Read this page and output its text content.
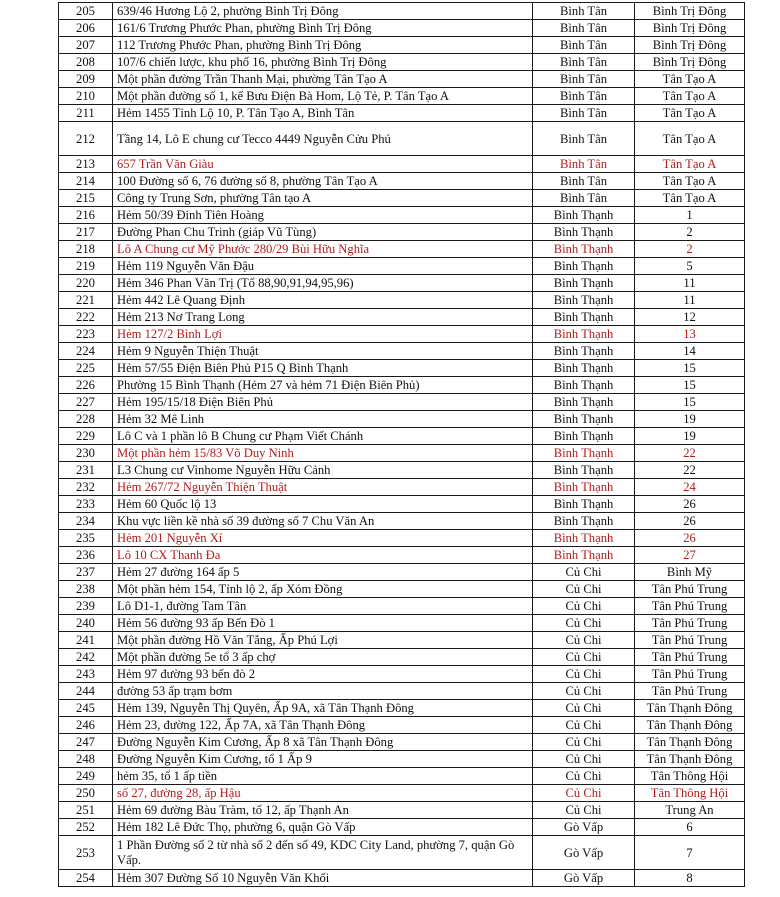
205	639/46 Hương Lộ 2, phường Bình Trị Đông	Bình Tân	Bình Trị Đông
206	161/6 Trương Phước Phan, phường Bình Trị Đông	Bình Tân	Bình Trị Đông
207	112 Trương Phước Phan, phường Bình Trị Đông	Bình Tân	Bình Trị Đông
208	107/6 chiến lược, khu phố 16, phường Bình Trị Đông	Bình Tân	Bình Trị Đông
209	Một phần đường Trần Thanh Mại, phường Tân Tạo A	Bình Tân	Tân Tạo A
210	Một phần đường số 1, kế Bưu Điện Bà Hom, Lộ Tẻ, P. Tân Tạo A	Bình Tân	Tân Tạo A
211	Hẻm 1455 Tỉnh Lộ 10, P. Tân Tạo A, Bình Tân	Bình Tân	Tân Tạo A
212	Tầng 14, Lô E chung cư Tecco 4449 Nguyễn Cửu Phú	Bình Tân	Tân Tạo A
213	657 Trần Văn Giàu	Bình Tân	Tân Tạo A
214	100 Đường số 6, 76 đường số 8, phường Tân Tạo A	Bình Tân	Tân Tạo A
215	Công ty Trung Sơn, phường Tân tạo A	Bình Tân	Tân Tạo A
216	Hẻm 50/39 Đinh Tiên Hoàng	Bình Thạnh	1
217	Đường Phan Chu Trinh (giáp Vũ Tùng)	Bình Thạnh	2
218	Lô A Chung cư Mỹ Phước 280/29 Bùi Hữu Nghĩa	Bình Thạnh	2
219	Hẻm 119 Nguyễn Văn Đậu	Bình Thạnh	5
220	Hẻm 346 Phan Văn Trị (Tổ 88,90,91,94,95,96)	Bình Thạnh	11
221	Hẻm 442 Lê Quang Định	Bình Thạnh	11
222	Hẻm 213 Nơ Trang Long	Bình Thạnh	12
223	Hẻm 127/2 Bình Lợi	Bình Thạnh	13
224	Hẻm 9 Nguyễn Thiện Thuật	Bình Thạnh	14
225	Hẻm 57/55 Điện Biên Phủ P15 Q Bình Thạnh	Bình Thạnh	15
226	Phường 15 Bình Thạnh (Hẻm 27 và hẻm 71 Điện Biên Phủ)	Bình Thạnh	15
227	Hẻm 195/15/18 Điện Biên Phủ	Bình Thạnh	15
228	Hẻm 32 Mê Linh	Bình Thạnh	19
229	Lô C và 1 phần lô B Chung cư Phạm Viết Chánh	Bình Thạnh	19
230	Một phần hẻm 15/83 Võ Duy Ninh	Bình Thạnh	22
231	L3 Chung cư Vinhome Nguyễn Hữu Cảnh	Bình Thạnh	22
232	Hẻm 267/72 Nguyễn Thiện Thuật	Bình Thạnh	24
233	Hẻm 60 Quốc lộ 13	Bình Thạnh	26
234	Khu vực liền kề nhà số 39 đường số 7 Chu Văn An	Bình Thạnh	26
235	Hẻm 201 Nguyễn Xí	Bình Thạnh	26
236	Lô 10 CX Thanh Đa	Bình Thạnh	27
237	Hẻm 27 đường 164 ấp 5	Củ Chi	Bình Mỹ
238	Một phần hẻm 154, Tỉnh lộ 2, ấp Xóm Đồng	Củ Chi	Tân Phú Trung
239	Lô D1-1, đường Tam Tân	Củ Chi	Tân Phú Trung
240	Hẻm 56 đường 93 ấp Bến Đò 1	Củ Chi	Tân Phú Trung
241	Một phần đường Hồ Văn Tắng, Ấp Phú Lợi	Củ Chi	Tân Phú Trung
242	Một phần đường 5e tổ 3 ấp chợ	Củ Chi	Tân Phú Trung
243	Hẻm 97 đường 93 bến đò 2	Củ Chi	Tân Phú Trung
244	đường 53 ấp trạm bơm	Củ Chi	Tân Phú Trung
245	Hẻm 139, Nguyễn Thị Quyên, Ấp 9A, xã Tân Thạnh Đông	Củ Chi	Tân Thạnh Đông
246	Hẻm 23, đường 122, Ấp 7A, xã Tân Thạnh Đông	Củ Chi	Tân Thạnh Đông
247	Đường Nguyễn Kim Cương, Ấp 8 xã Tân Thạnh Đông	Củ Chi	Tân Thạnh Đông
248	Đường Nguyễn Kim Cương, tổ 1 Ấp 9	Củ Chi	Tân Thạnh Đông
249	hẻm 35, tổ 1 ấp tiền	Củ Chi	Tân Thông Hội
250	số 27, đường 28, ấp Hậu	Củ Chi	Tân Thông Hội
251	Hẻm 69 đường Bàu Tràm, tổ 12, ấp Thạnh An	Củ Chi	Trung An
252	Hẻm 182 Lê Đức Thọ, phường 6, quận Gò Vấp	Gò Vấp	6
253	1 Phần Đường số 2 từ nhà số 2 đến số 49, KDC City Land, phường 7, quận Gò Vấp.	Gò Vấp	7
254	Hẻm 307 Đường Số 10 Nguyễn Văn Khối	Gò Vấp	8
